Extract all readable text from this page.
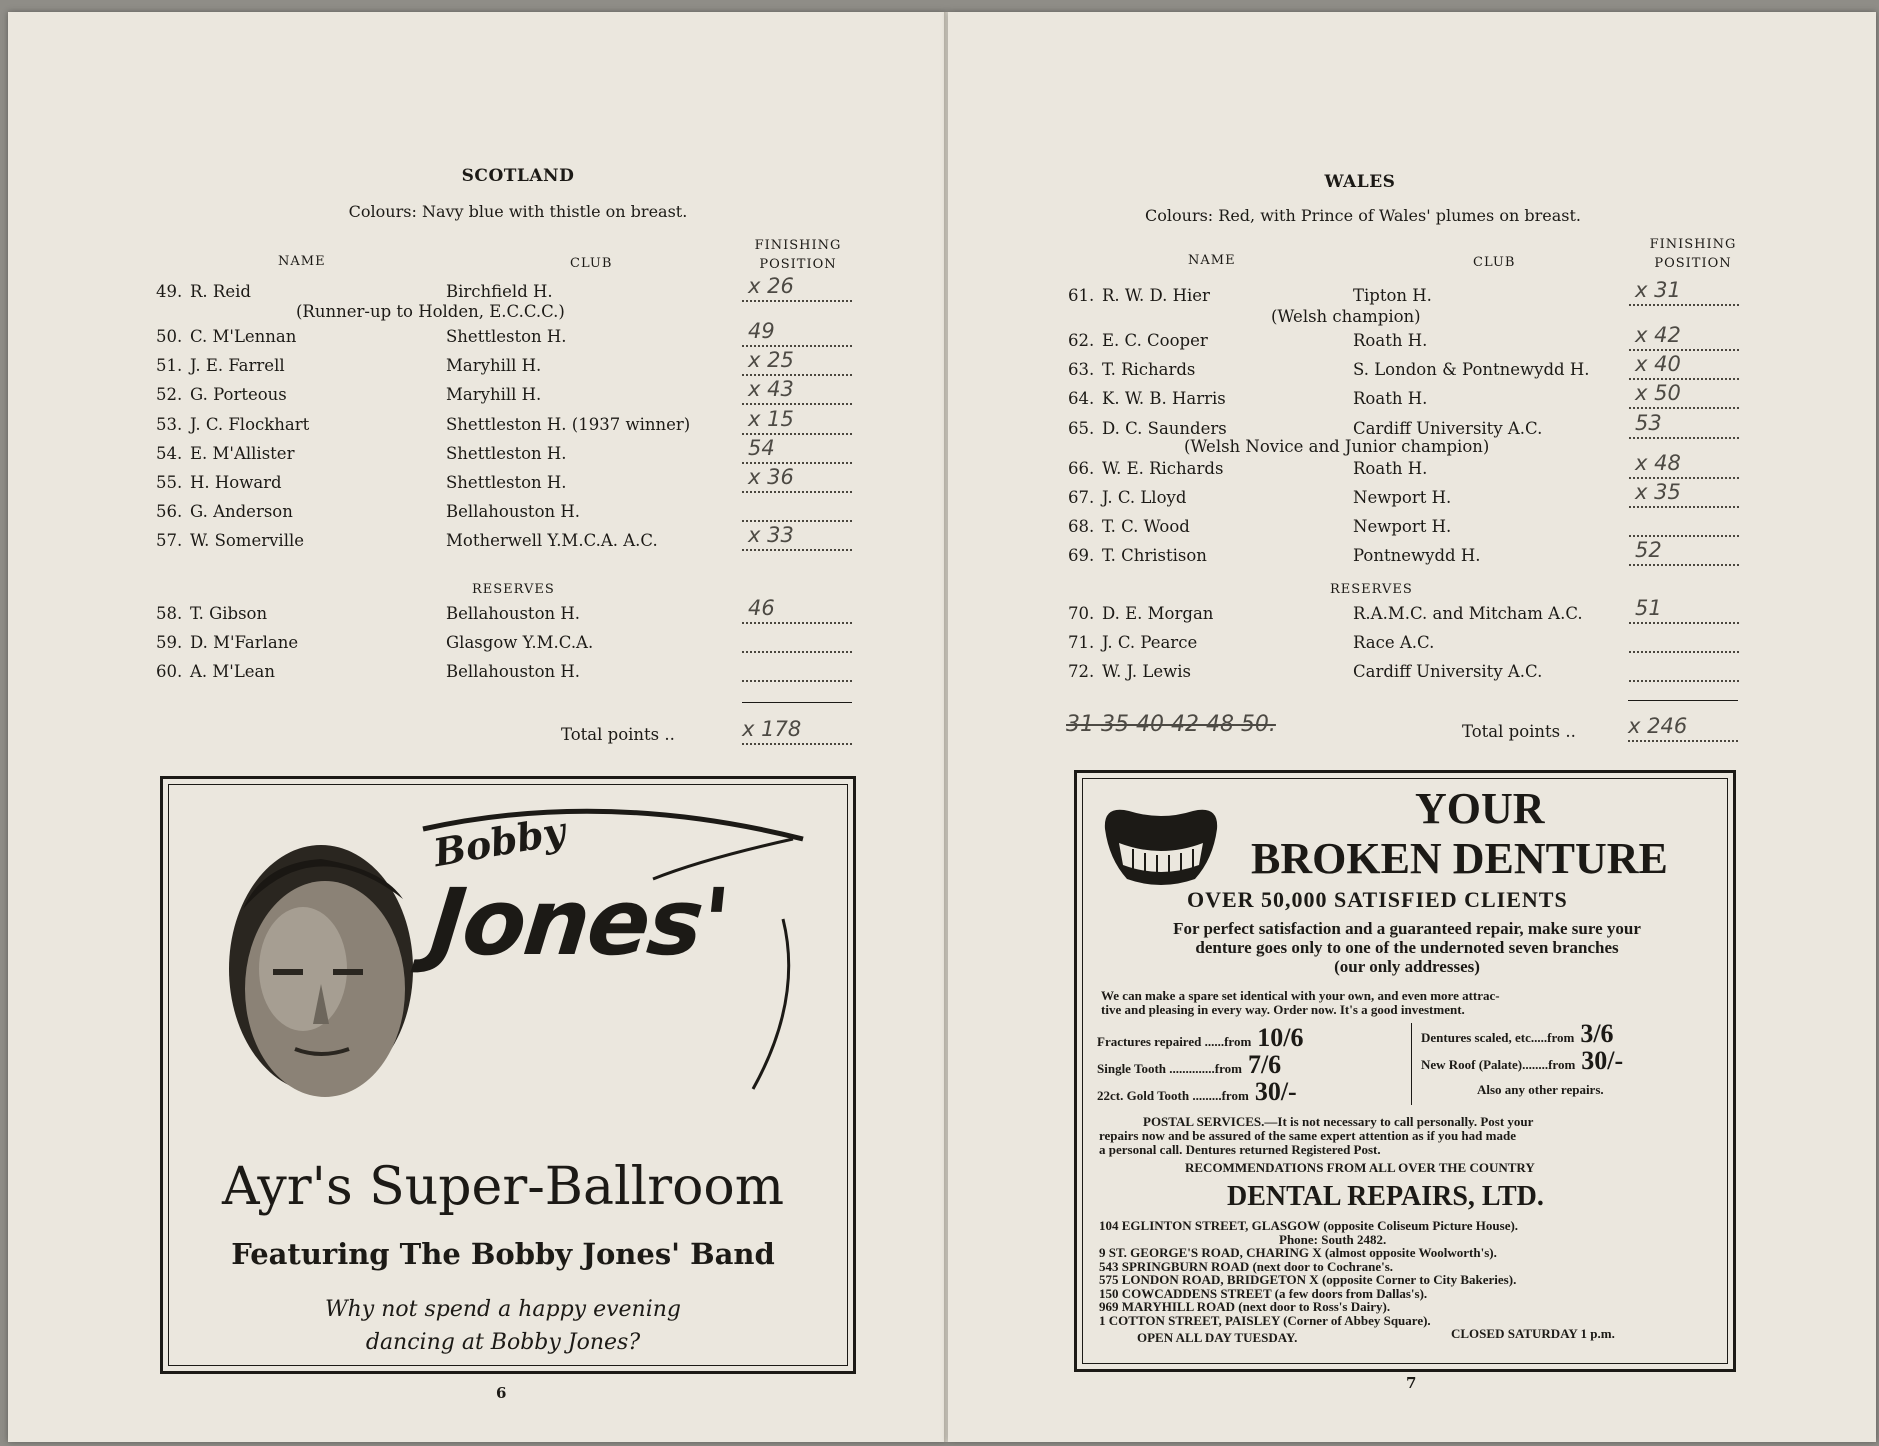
SCOTLAND
Colours: Navy blue with thistle on breast.
NAME	CLUB
FINISHING
POSITION
49. R. Reid	Birchfield H.	x 26
50. C. M'Lennan	Shettleston H.	49
51. J. E. Farrell	Maryhill H.	x 25
52. G. Porteous	Maryhill H.	x 43
53. J. C. Flockhart	Shettleston H. (1937 winner)	x 15
54. E. M'Allister	Shettleston H.	54
55. H. Howard	Shettleston H.	x 36
56. G. Anderson	Bellahouston H.
57. W. Somerville	Motherwell Y.M.C.A. A.C.	x 33
(Runner-up to Holden, E.C.C.C.)
RESERVES
58. T. Gibson	Bellahouston H.	46
59. D. M'Farlane	Glasgow Y.M.C.A.
60. A. M'Lean	Bellahouston H.
Total points ..	x 178
Bobby
Jones'
Ayr's Super-Ballroom
Featuring The Bobby Jones' Band
Why not spend a happy evening
dancing at Bobby Jones?
6
WALES
Colours: Red, with Prince of Wales' plumes on breast.
NAME	CLUB
FINISHING
POSITION
61. R. W. D. Hier	Tipton H.	x 31
62. E. C. Cooper	Roath H.	x 42
63. T. Richards	S. London & Pontnewydd H. x 40
64. K. W. B. Harris	Roath H.	x 50
65. D. C. Saunders	Cardiff University A.C.	53
66. W. E. Richards	Roath H.	x 48
67. J. C. Lloyd	Newport H.	x 35
68. T. C. Wood	Newport H.
69. T. Christison	Pontnewydd H.	52
(Welsh champion)
(Welsh Novice and Junior champion)
RESERVES
70. D. E. Morgan	R.A.M.C. and Mitcham A.C. 51
71. J. C. Pearce	Race A.C.
72. W. J. Lewis	Cardiff University A.C.
31 35 40 42 48 50.	Total points .. x 246
YOUR
BROKEN DENTURE
OVER 50,000 SATISFIED CLIENTS
For perfect satisfaction and a guaranteed repair, make sure your
denture goes only to one of the undernoted seven branches
(our only addresses)
We can make a spare set identical with your own, and even more attrac-
tive and pleasing in every way. Order now. It's a good investment.
Fractures repaired ......from 10/6
Single Tooth ..............from 7/6
22ct. Gold Tooth .........from 30/-
Dentures scaled, etc.....from 3/6
New Roof (Palate)........from 30/-
Also any other repairs.
POSTAL SERVICES.—It is not necessary to call personally. Post your
repairs now and be assured of the same expert attention as if you had made
a personal call. Dentures returned Registered Post.
RECOMMENDATIONS FROM ALL OVER THE COUNTRY
DENTAL REPAIRS, LTD.
104 EGLINTON STREET, GLASGOW (opposite Coliseum Picture House).
Phone: South 2482.
9 ST. GEORGE'S ROAD, CHARING X (almost opposite Woolworth's).
543 SPRINGBURN ROAD (next door to Cochrane's.
575 LONDON ROAD, BRIDGETON X (opposite Corner to City Bakeries).
150 COWCADDENS STREET (a few doors from Dallas's).
969 MARYHILL ROAD (next door to Ross's Dairy).
1 COTTON STREET, PAISLEY (Corner of Abbey Square).
OPEN ALL DAY TUESDAY.	CLOSED SATURDAY 1 p.m.
7
